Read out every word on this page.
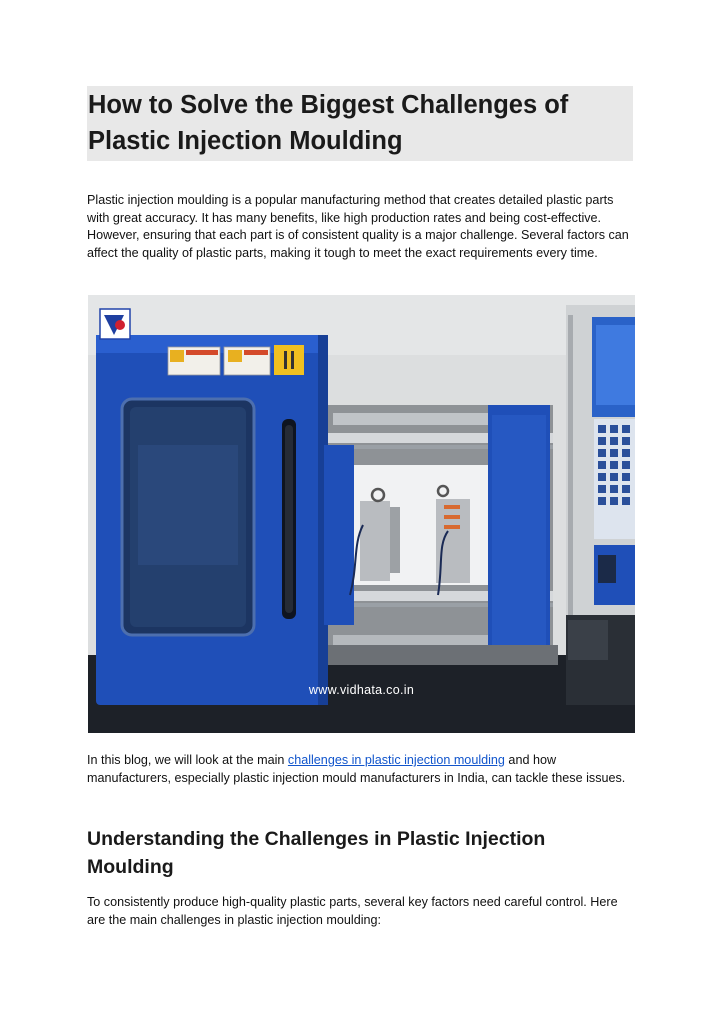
How to Solve the Biggest Challenges of Plastic Injection Moulding

Plastic injection moulding is a popular manufacturing method that creates detailed plastic parts with great accuracy. It has many benefits, like high production rates and being cost-effective. However, ensuring that each part is of consistent quality is a major challenge. Several factors can affect the quality of plastic parts, making it tough to meet the exact requirements every time.

www.vidhata.co.in

In this blog, we will look at the main challenges in plastic injection moulding and how manufacturers, especially plastic injection mould manufacturers in India, can tackle these issues.

Understanding the Challenges in Plastic Injection Moulding

To consistently produce high-quality plastic parts, several key factors need careful control. Here are the main challenges in plastic injection moulding:
